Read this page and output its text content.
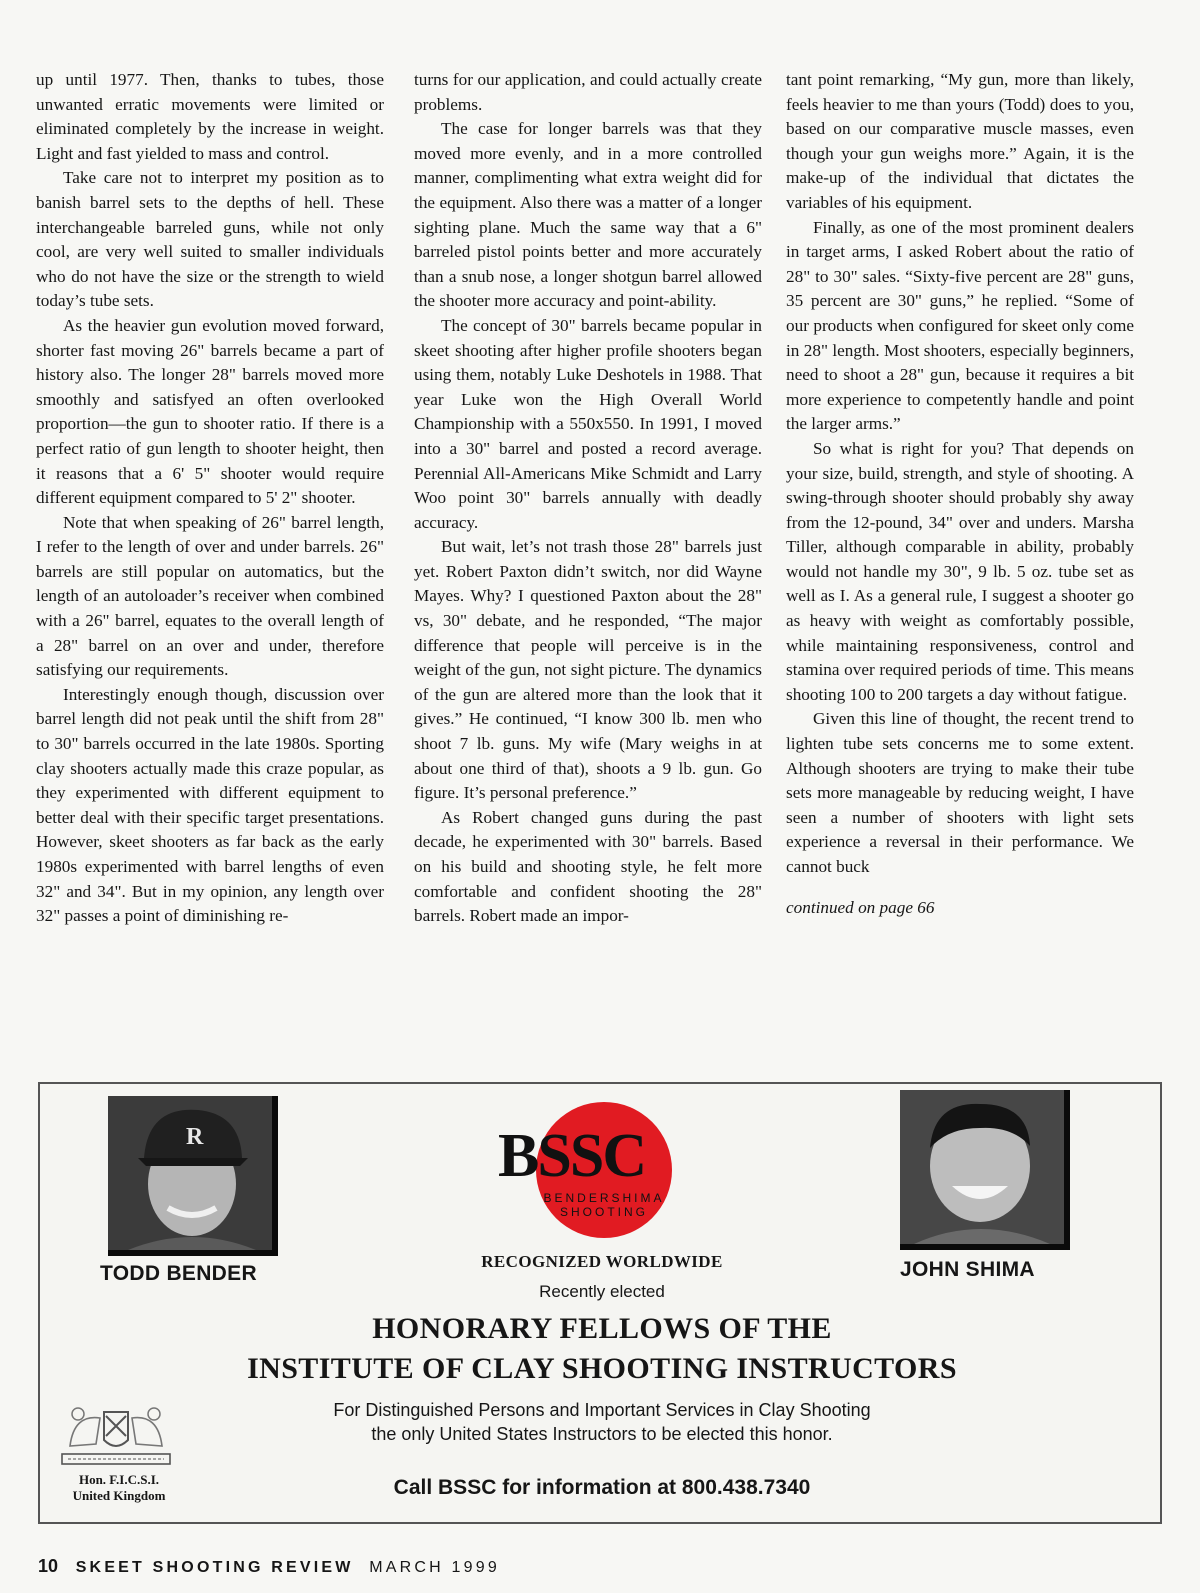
up until 1977. Then, thanks to tubes, those unwanted erratic movements were limited or eliminated completely by the increase in weight. Light and fast yielded to mass and control.

Take care not to interpret my position as to banish barrel sets to the depths of hell. These interchangeable barreled guns, while not only cool, are very well suited to smaller individuals who do not have the size or the strength to wield today’s tube sets.

As the heavier gun evolution moved forward, shorter fast moving 26" barrels became a part of history also. The longer 28" barrels moved more smoothly and satisfyed an often overlooked proportion—the gun to shooter ratio. If there is a perfect ratio of gun length to shooter height, then it reasons that a 6' 5" shooter would require different equipment compared to 5' 2" shooter.

Note that when speaking of 26" barrel length, I refer to the length of over and under barrels. 26" barrels are still popular on automatics, but the length of an autoloader’s receiver when combined with a 26" barrel, equates to the overall length of a 28" barrel on an over and under, therefore satisfying our requirements.

Interestingly enough though, discussion over barrel length did not peak until the shift from 28" to 30" barrels occurred in the late 1980s. Sporting clay shooters actually made this craze popular, as they experimented with different equipment to better deal with their specific target presentations. However, skeet shooters as far back as the early 1980s experimented with barrel lengths of even 32" and 34". But in my opinion, any length over 32" passes a point of diminishing re-

turns for our application, and could actually create problems.

The case for longer barrels was that they moved more evenly, and in a more controlled manner, complimenting what extra weight did for the equipment. Also there was a matter of a longer sighting plane. Much the same way that a 6" barreled pistol points better and more accurately than a snub nose, a longer shotgun barrel allowed the shooter more accuracy and point-ability.

The concept of 30" barrels became popular in skeet shooting after higher profile shooters began using them, notably Luke Deshotels in 1988. That year Luke won the High Overall World Championship with a 550x550. In 1991, I moved into a 30" barrel and posted a record average. Perennial All-Americans Mike Schmidt and Larry Woo point 30" barrels annually with deadly accuracy.

But wait, let’s not trash those 28" barrels just yet. Robert Paxton didn’t switch, nor did Wayne Mayes. Why? I questioned Paxton about the 28" vs, 30" debate, and he responded, “The major difference that people will perceive is in the weight of the gun, not sight picture. The dynamics of the gun are altered more than the look that it gives.” He continued, “I know 300 lb. men who shoot 7 lb. guns. My wife (Mary weighs in at about one third of that), shoots a 9 lb. gun. Go figure. It’s personal preference.”

As Robert changed guns during the past decade, he experimented with 30" barrels. Based on his build and shooting style, he felt more comfortable and confident shooting the 28" barrels. Robert made an impor-

tant point remarking, “My gun, more than likely, feels heavier to me than yours (Todd) does to you, based on our comparative muscle masses, even though your gun weighs more.” Again, it is the make-up of the individual that dictates the variables of his equipment.

Finally, as one of the most prominent dealers in target arms, I asked Robert about the ratio of 28" to 30" sales. “Sixty-five percent are 28" guns, 35 percent are 30" guns,” he replied. “Some of our products when configured for skeet only come in 28" length. Most shooters, especially beginners, need to shoot a 28" gun, because it requires a bit more experience to competently handle and point the larger arms.”

So what is right for you? That depends on your size, build, strength, and style of shooting. A swing-through shooter should probably shy away from the 12-pound, 34" over and unders. Marsha Tiller, although comparable in ability, probably would not handle my 30", 9 lb. 5 oz. tube set as well as I. As a general rule, I suggest a shooter go as heavy with weight as comfortably possible, while maintaining responsiveness, control and stamina over required periods of time. This means shooting 100 to 200 targets a day without fatigue.

Given this line of thought, the recent trend to lighten tube sets concerns me to some extent. Although shooters are trying to make their tube sets more manageable by reducing weight, I have seen a number of shooters with light sets experience a reversal in their performance. We cannot buck

continued on page 66

R
TODD BENDER
BSSC
BENDERSHIMA
SHOOTING
JOHN SHIMA
RECOGNIZED WORLDWIDE
Recently elected
HONORARY FELLOWS OF THE
INSTITUTE OF CLAY SHOOTING INSTRUCTORS
For Distinguished Persons and Important Services in Clay Shooting
the only United States Instructors to be elected this honor.
Hon. F.I.C.S.I.
United Kingdom	Call BSSC for information at 800.438.7340
10 SKEET SHOOTING REVIEW MARCH 1999
